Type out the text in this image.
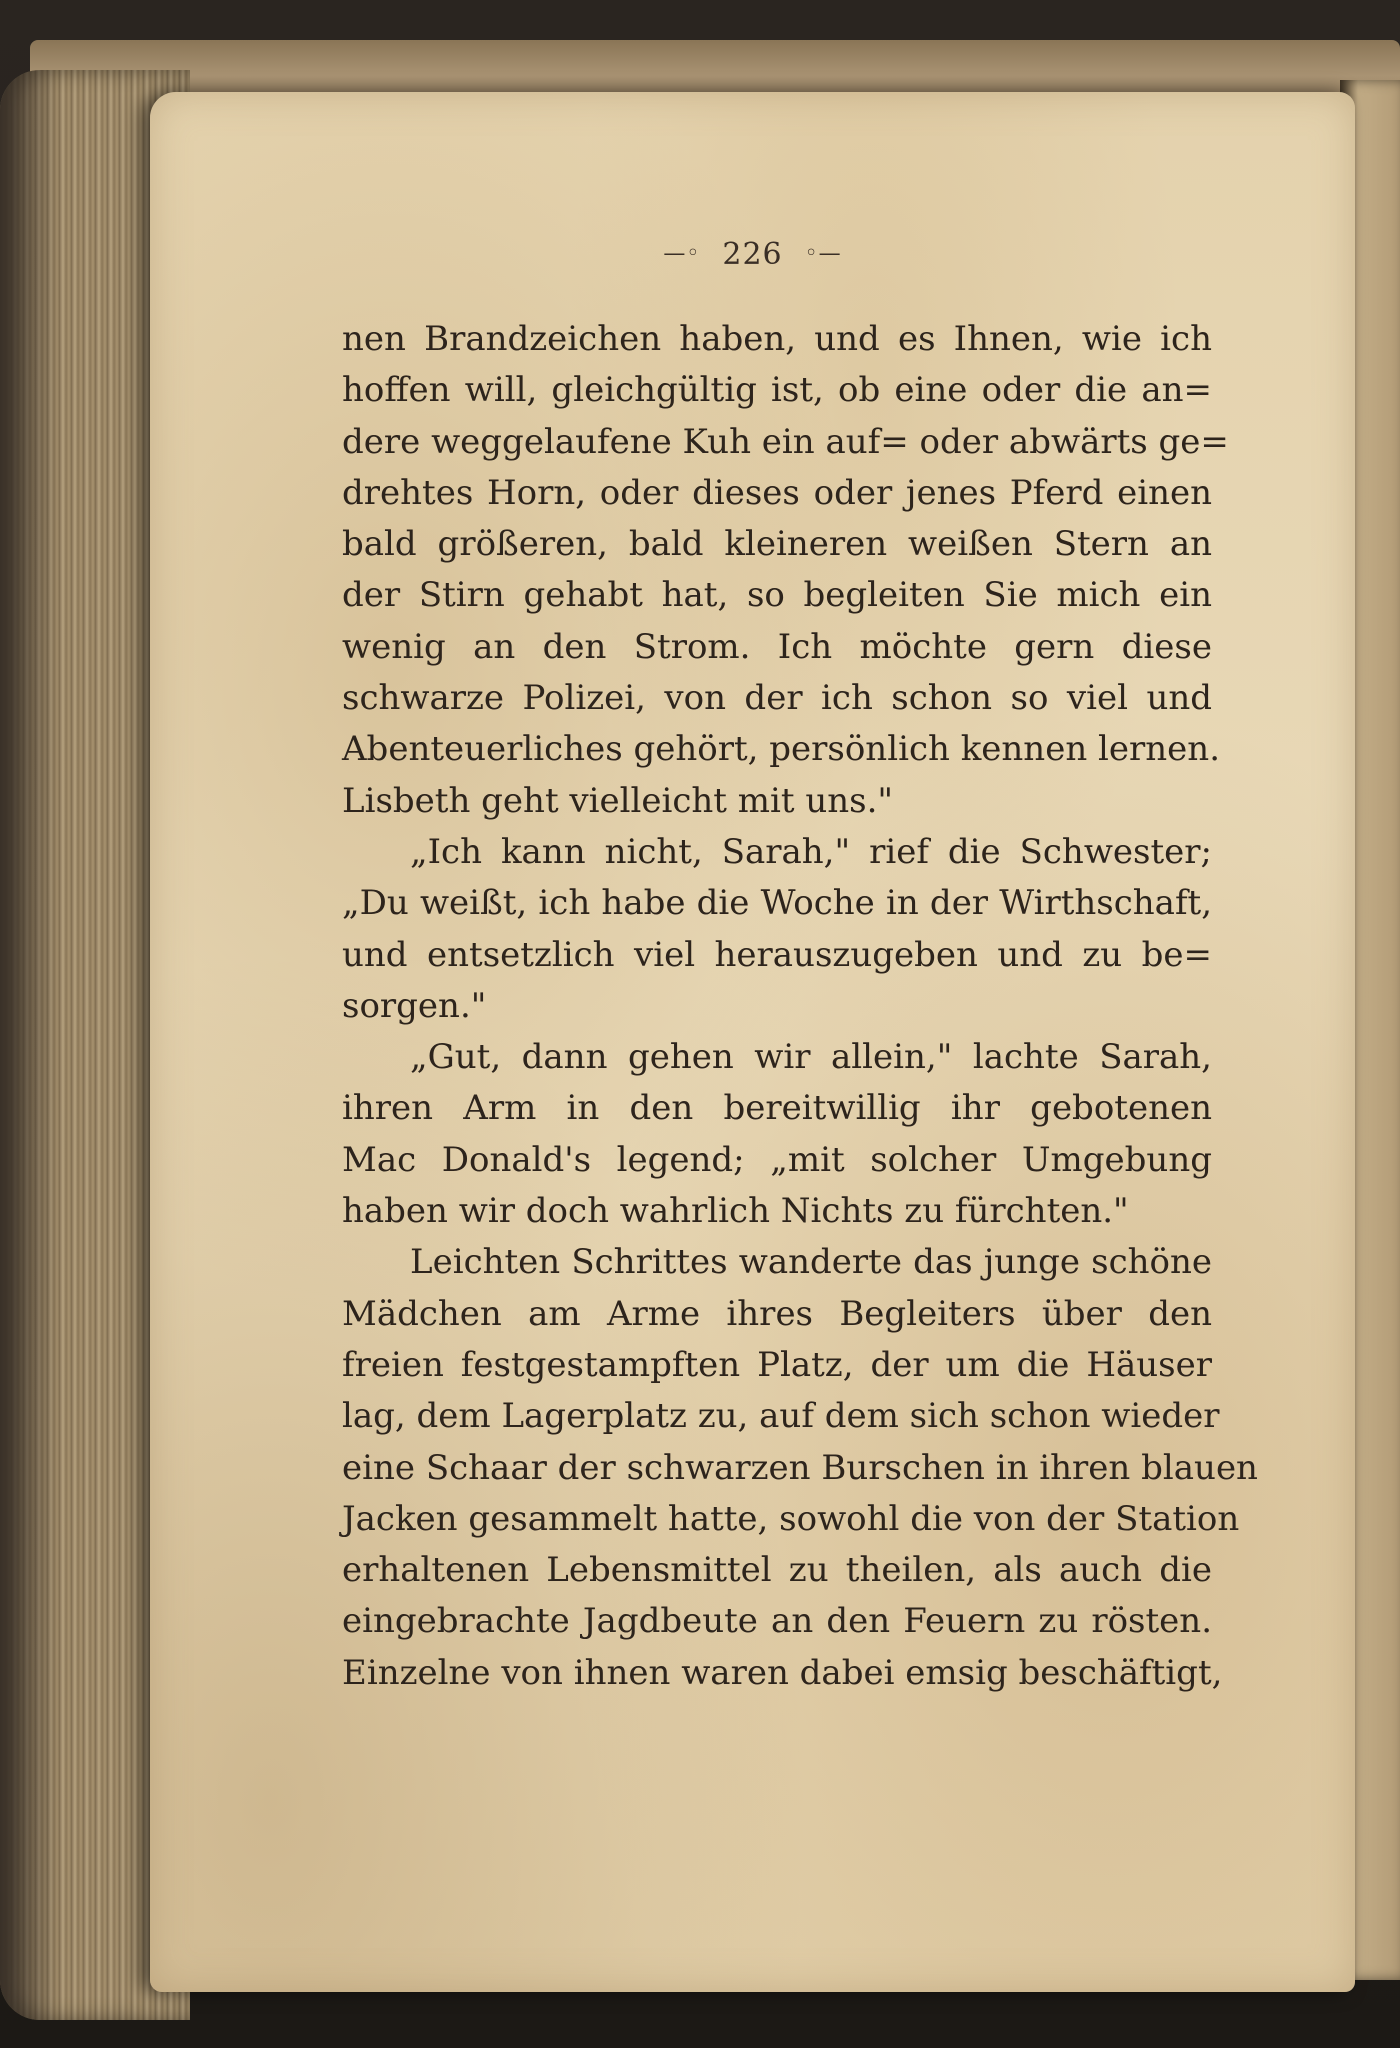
—◦ 226 ◦—
nen Brandzeichen haben, und es Ihnen, wie ich
hoffen will, gleichgültig ist, ob eine oder die an=
dere weggelaufene Kuh ein auf= oder abwärts ge=
drehtes Horn, oder dieses oder jenes Pferd einen
bald größeren, bald kleineren weißen Stern an
der Stirn gehabt hat, so begleiten Sie mich ein
wenig an den Strom. Ich möchte gern diese
schwarze Polizei, von der ich schon so viel und
Abenteuerliches gehört, persönlich kennen lernen.
Lisbeth geht vielleicht mit uns."
„Ich kann nicht, Sarah," rief die Schwester;
„Du weißt, ich habe die Woche in der Wirthschaft,
und entsetzlich viel herauszugeben und zu be=
sorgen."
„Gut, dann gehen wir allein," lachte Sarah,
ihren Arm in den bereitwillig ihr gebotenen
Mac Donald's legend; „mit solcher Umgebung
haben wir doch wahrlich Nichts zu fürchten."
Leichten Schrittes wanderte das junge schöne
Mädchen am Arme ihres Begleiters über den
freien festgestampften Platz, der um die Häuser
lag, dem Lagerplatz zu, auf dem sich schon wieder
eine Schaar der schwarzen Burschen in ihren blauen
Jacken gesammelt hatte, sowohl die von der Station
erhaltenen Lebensmittel zu theilen, als auch die
eingebrachte Jagdbeute an den Feuern zu rösten.
Einzelne von ihnen waren dabei emsig beschäftigt,
